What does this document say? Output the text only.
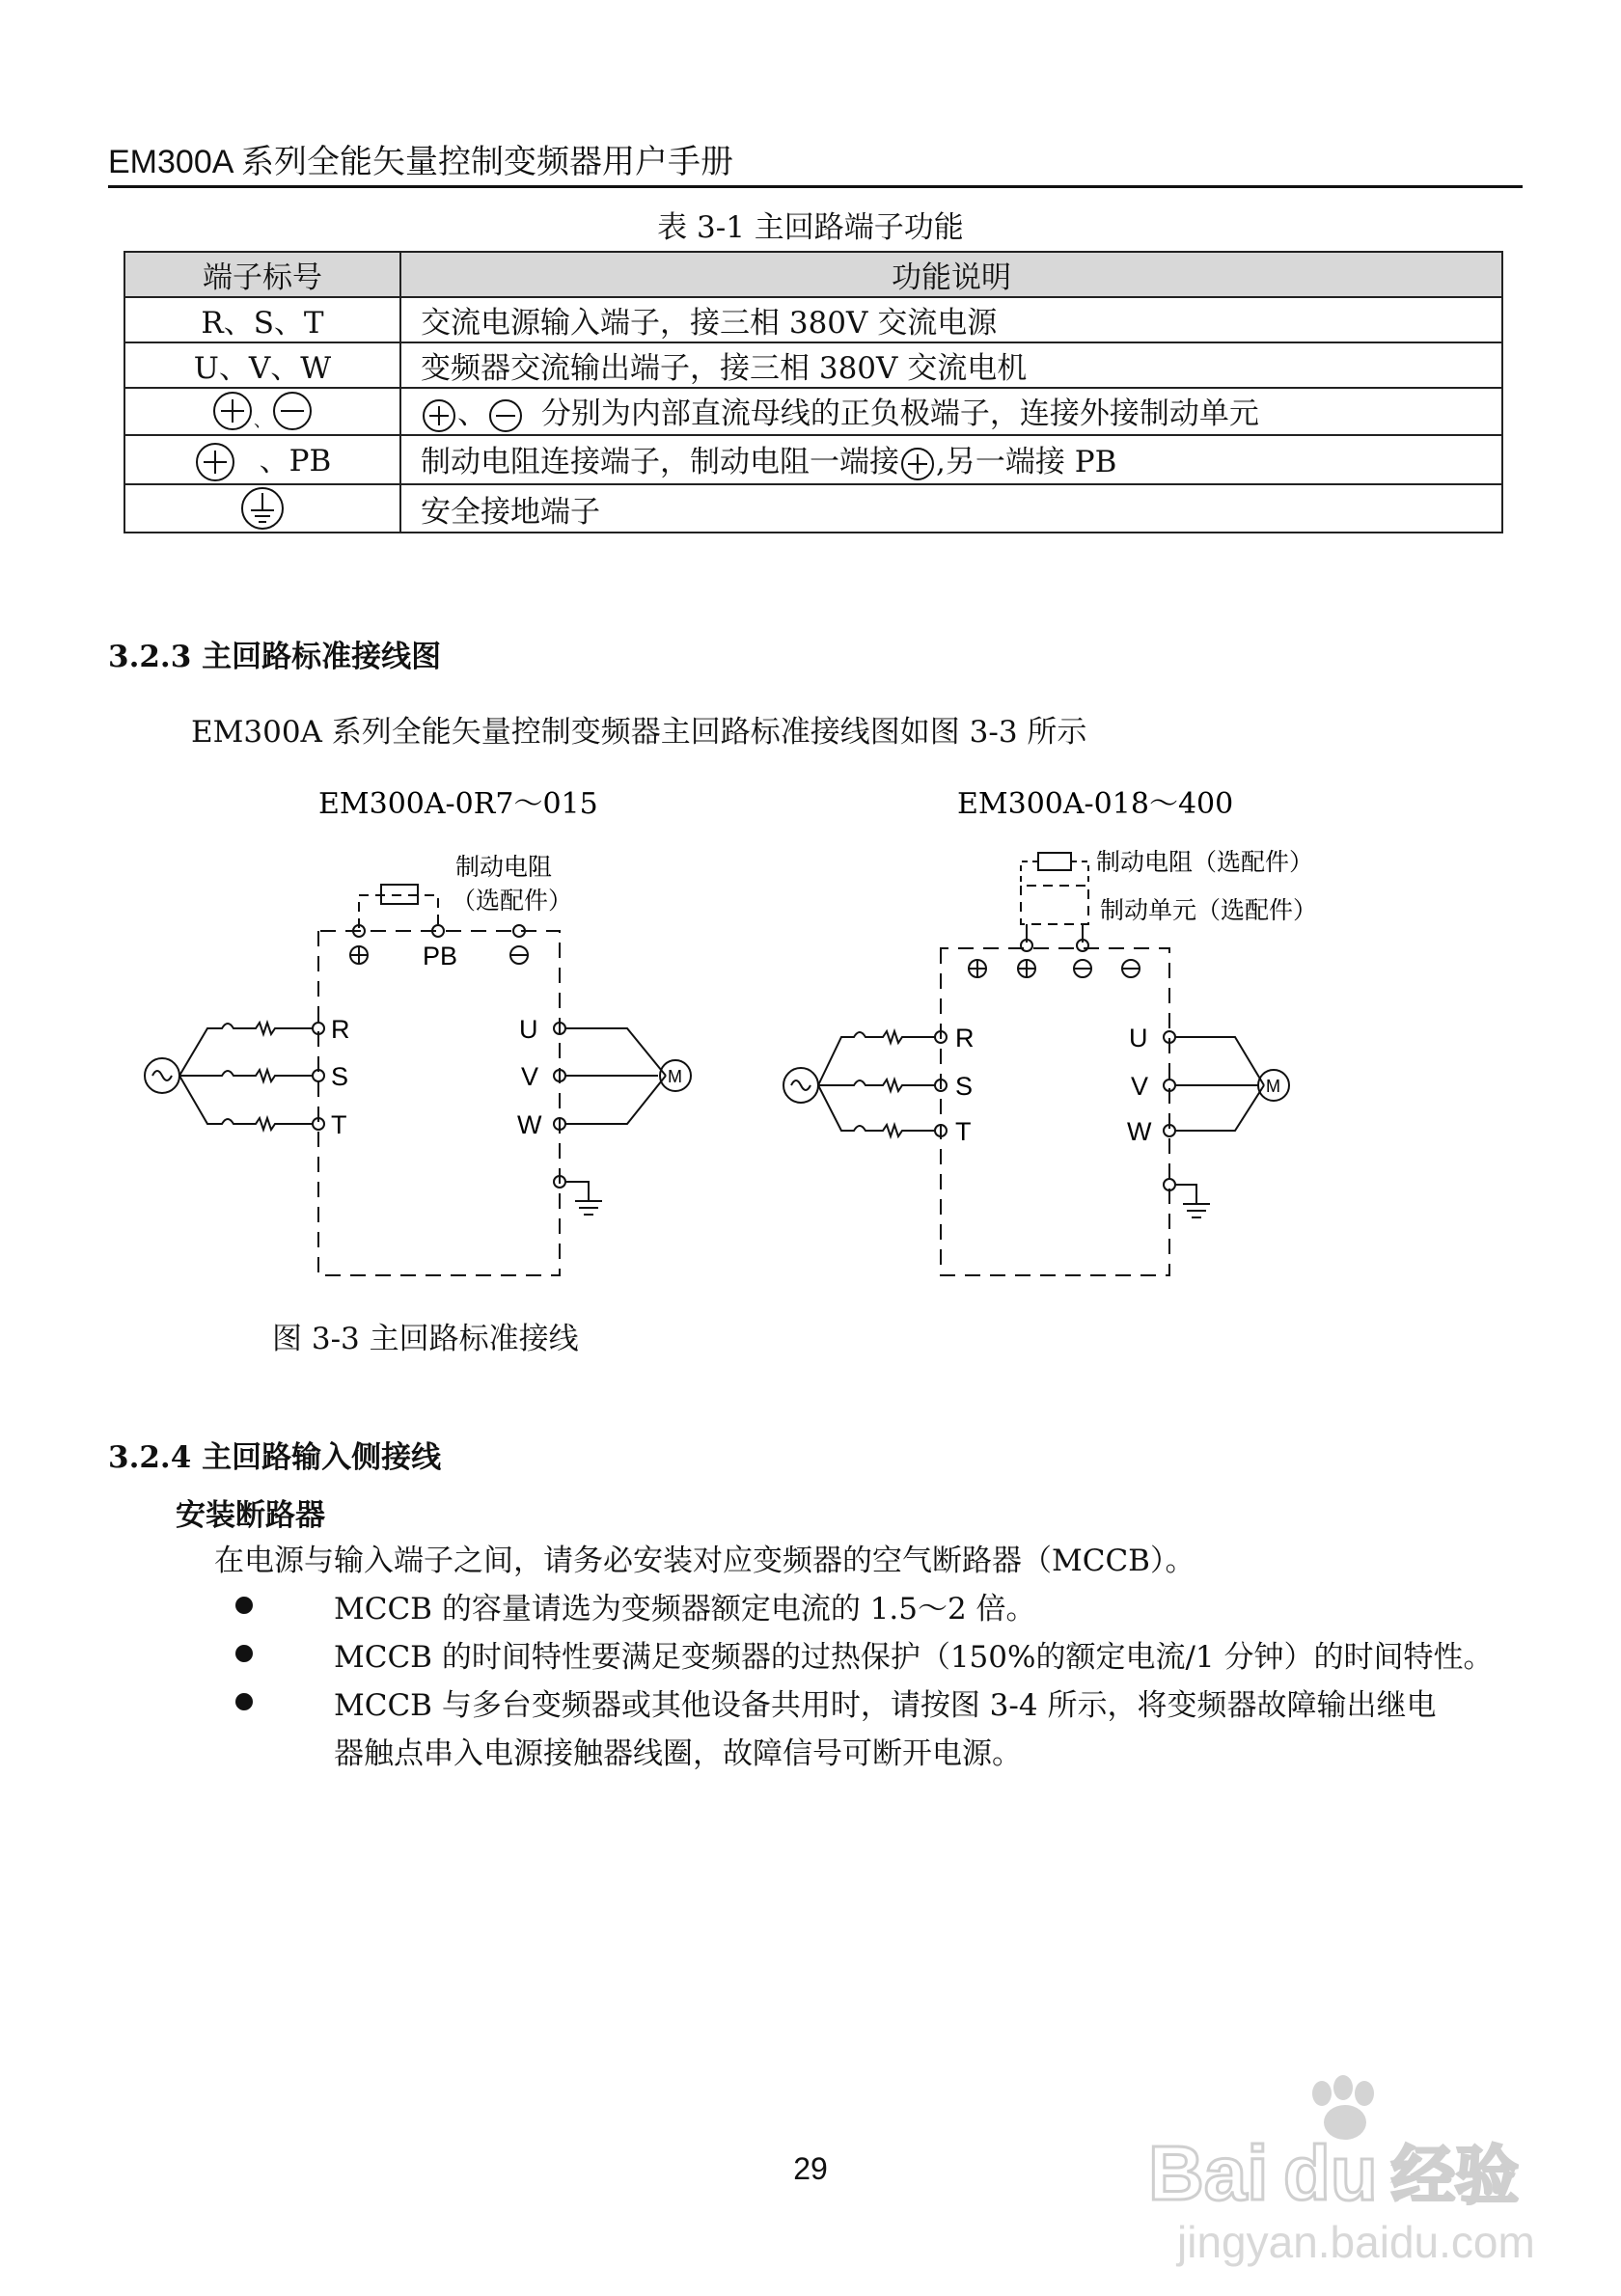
EM300A 系列全能矢量控制变频器用户手册
表 3-1 主回路端子功能
端子标号	功能说明
R、S、T	交流电源输入端子，接三相 380V 交流电源
U、V、W	变频器交流输出端子，接三相 380V 交流电机
、	、 分别为内部直流母线的正负极端子，连接外接制动单元
、PB	制动电阻连接端子，制动电阻一端接 ,另一端接 PB
	安全接地端子
3.2.3 主回路标准接线图
EM300A 系列全能矢量控制变频器主回路标准接线图如图 3-3 所示
EM300A-0R7～015	EM300A-018～400
制动电阻
（选配件）
PB
R
S
T
U
V
W
M
制动电阻（选配件）
制动单元（选配件）
R
S
T
U
V
W
M
图 3-3 主回路标准接线
3.2.4 主回路输入侧接线
安装断路器
在电源与输入端子之间，请务必安装对应变频器的空气断路器（MCCB）。
MCCB 的容量请选为变频器额定电流的 1.5～2 倍。
MCCB 的时间特性要满足变频器的过热保护（150%的额定电流/1 分钟）的时间特性。
MCCB 与多台变频器或其他设备共用时，请按图 3-4 所示，将变频器故障输出继电
器触点串入电源接触器线圈，故障信号可断开电源。
29	Bai du 经验
jingyan.baidu.com
